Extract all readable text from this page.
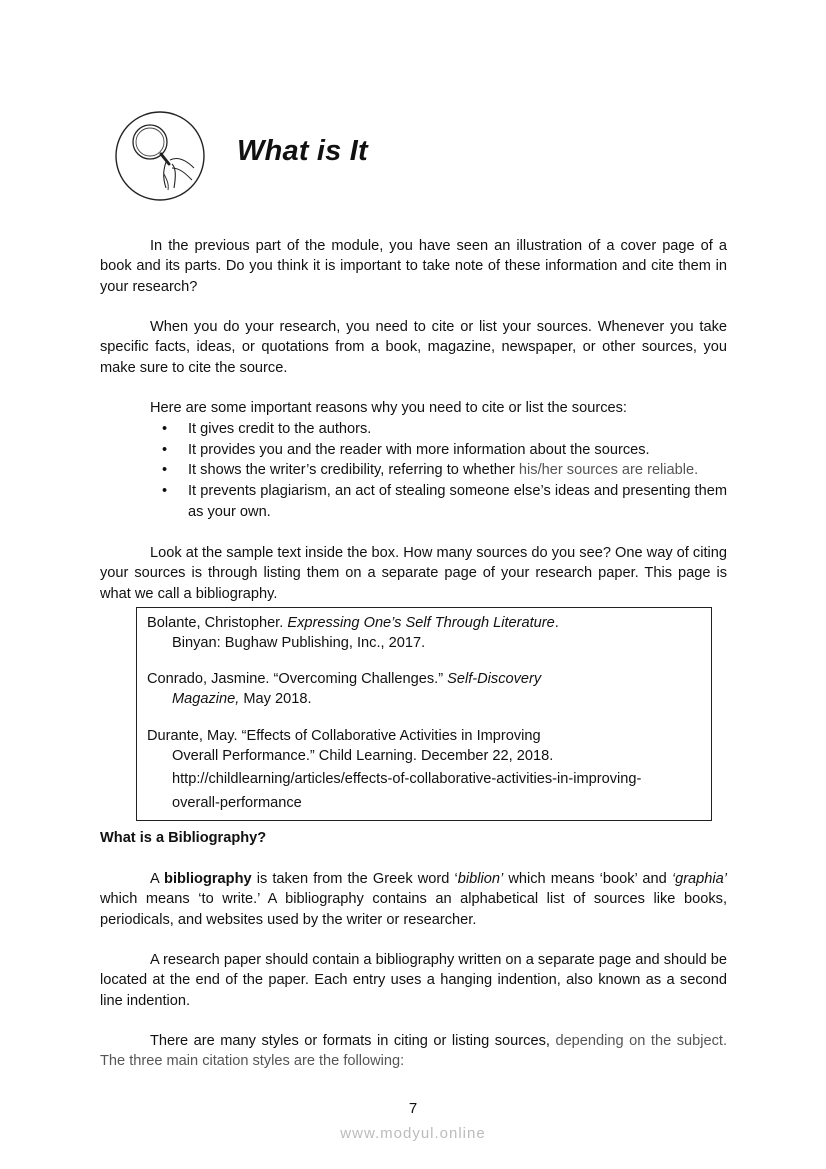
What is It

In the previous part of the module, you have seen an illustration of a cover page of a book and its parts. Do you think it is important to take note of these information and cite them in your research?

When you do your research, you need to cite or list your sources. Whenever you take specific facts, ideas, or quotations from a book, magazine, newspaper, or other sources, you make sure to cite the source.

Here are some important reasons why you need to cite or list the sources:

• It gives credit to the authors.
• It provides you and the reader with more information about the sources.
• It shows the writer’s credibility, referring to whether his/her sources are reliable.
• It prevents plagiarism, an act of stealing someone else’s ideas and presenting them as your own.

Look at the sample text inside the box. How many sources do you see? One way of citing your sources is through listing them on a separate page of your research paper. This page is what we call a bibliography.

Bolante, Christopher. Expressing One’s Self Through Literature.
Binyan: Bughaw Publishing, Inc., 2017.
Conrado, Jasmine. “Overcoming Challenges.” Self-Discovery
Magazine, May 2018.
Durante, May. “Effects of Collaborative Activities in Improving
Overall Performance.” Child Learning. December 22, 2018.
http://childlearning/articles/effects-of-collaborative-activities-in-improving-
overall-performance
What is a Bibliography?

A bibliography is taken from the Greek word ‘biblion’ which means ‘book’ and ‘graphia’ which means ‘to write.’ A bibliography contains an alphabetical list of sources like books, periodicals, and websites used by the writer or researcher.

A research paper should contain a bibliography written on a separate page and should be located at the end of the paper. Each entry uses a hanging indention, also known as a second line indention.

There are many styles or formats in citing or listing sources, depending on the subject. The three main citation styles are the following:

7
www.modyul.online
